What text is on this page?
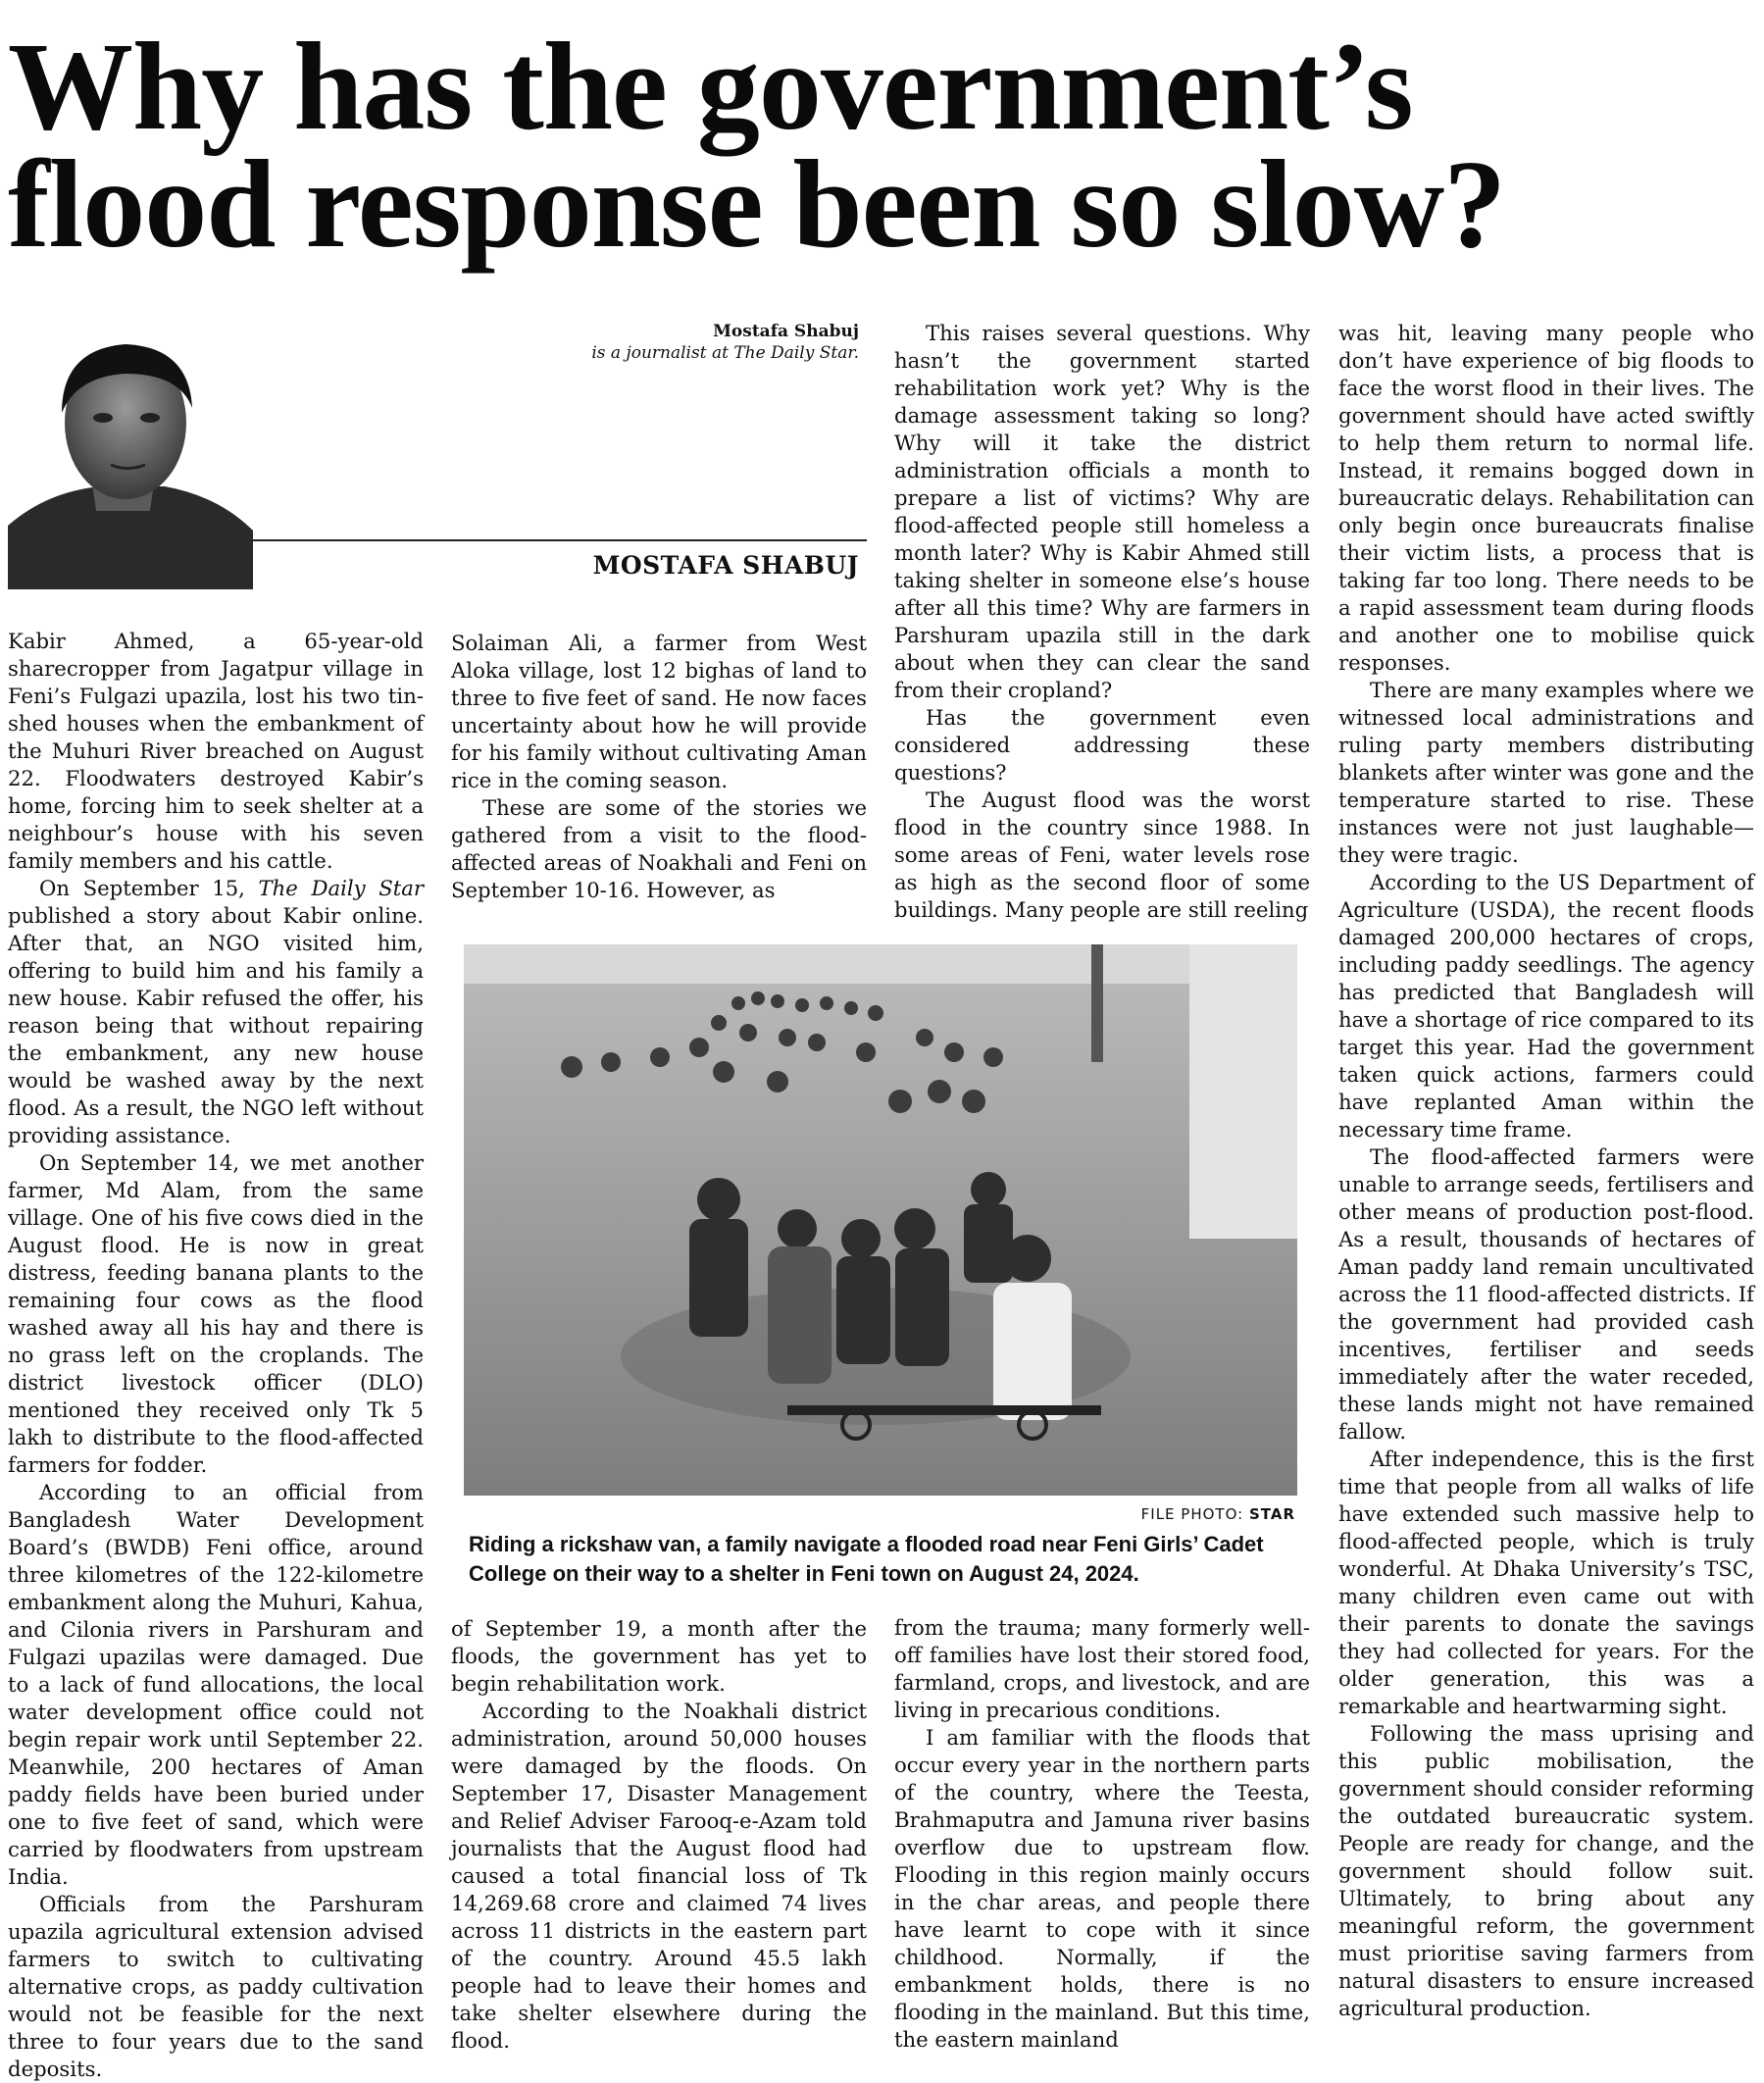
Why has the government’s
flood response been so slow?
Mostafa Shabuj
is a journalist at The Daily Star.
MOSTAFA SHABUJ

Kabir Ahmed, a 65-year-old sharecropper from Jagatpur village in Feni’s Fulgazi upazila, lost his two tin-shed houses when the embankment of the Muhuri River breached on August 22. Floodwaters destroyed Kabir’s home, forcing him to seek shelter at a neighbour’s house with his seven family members and his cattle.

On September 15, The Daily Star published a story about Kabir online. After that, an NGO visited him, offering to build him and his family a new house. Kabir refused the offer, his reason being that without repairing the embankment, any new house would be washed away by the next flood. As a result, the NGO left without providing assistance.

On September 14, we met another farmer, Md Alam, from the same village. One of his five cows died in the August flood. He is now in great distress, feeding banana plants to the remaining four cows as the flood washed away all his hay and there is no grass left on the croplands. The district livestock officer (DLO) mentioned they received only Tk 5 lakh to distribute to the flood-affected farmers for fodder.

According to an official from Bangladesh Water Development Board’s (BWDB) Feni office, around three kilometres of the 122-kilometre embankment along the Muhuri, Kahua, and Cilonia rivers in Parshuram and Fulgazi upazilas were damaged. Due to a lack of fund allocations, the local water development office could not begin repair work until September 22. Meanwhile, 200 hectares of Aman paddy fields have been buried under one to five feet of sand, which were carried by floodwaters from upstream India.

Officials from the Parshuram upazila agricultural extension advised farmers to switch to cultivating alternative crops, as paddy cultivation would not be feasible for the next three to four years due to the sand deposits.

Solaiman Ali, a farmer from West Aloka village, lost 12 bighas of land to three to five feet of sand. He now faces uncertainty about how he will provide for his family without cultivating Aman rice in the coming season.

These are some of the stories we gathered from a visit to the flood-affected areas of Noakhali and Feni on September 10-16. However, as

FILE PHOTO: STAR
Riding a rickshaw van, a family navigate a flooded road near Feni Girls’ Cadet College on their way to a shelter in Feni town on August 24, 2024.

of September 19, a month after the floods, the government has yet to begin rehabilitation work.

According to the Noakhali district administration, around 50,000 houses were damaged by the floods. On September 17, Disaster Management and Relief Adviser Farooq-e-Azam told journalists that the August flood had caused a total financial loss of Tk 14,269.68 crore and claimed 74 lives across 11 districts in the eastern part of the country. Around 45.5 lakh people had to leave their homes and take shelter elsewhere during the flood.

This raises several questions. Why hasn’t the government started rehabilitation work yet? Why is the damage assessment taking so long? Why will it take the district administration officials a month to prepare a list of victims? Why are flood-affected people still homeless a month later? Why is Kabir Ahmed still taking shelter in someone else’s house after all this time? Why are farmers in Parshuram upazila still in the dark about when they can clear the sand from their cropland?

Has the government even considered addressing these questions?

The August flood was the worst flood in the country since 1988. In some areas of Feni, water levels rose as high as the second floor of some buildings. Many people are still reeling

from the trauma; many formerly well-off families have lost their stored food, farmland, crops, and livestock, and are living in precarious conditions.

I am familiar with the floods that occur every year in the northern parts of the country, where the Teesta, Brahmaputra and Jamuna river basins overflow due to upstream flow. Flooding in this region mainly occurs in the char areas, and people there have learnt to cope with it since childhood. Normally, if the embankment holds, there is no flooding in the mainland. But this time, the eastern mainland

was hit, leaving many people who don’t have experience of big floods to face the worst flood in their lives. The government should have acted swiftly to help them return to normal life. Instead, it remains bogged down in bureaucratic delays. Rehabilitation can only begin once bureaucrats finalise their victim lists, a process that is taking far too long. There needs to be a rapid assessment team during floods and another one to mobilise quick responses.

There are many examples where we witnessed local administrations and ruling party members distributing blankets after winter was gone and the temperature started to rise. These instances were not just laughable—they were tragic.

According to the US Department of Agriculture (USDA), the recent floods damaged 200,000 hectares of crops, including paddy seedlings. The agency has predicted that Bangladesh will have a shortage of rice compared to its target this year. Had the government taken quick actions, farmers could have replanted Aman within the necessary time frame.

The flood-affected farmers were unable to arrange seeds, fertilisers and other means of production post-flood. As a result, thousands of hectares of Aman paddy land remain uncultivated across the 11 flood-affected districts. If the government had provided cash incentives, fertiliser and seeds immediately after the water receded, these lands might not have remained fallow.

After independence, this is the first time that people from all walks of life have extended such massive help to flood-affected people, which is truly wonderful. At Dhaka University’s TSC, many children even came out with their parents to donate the savings they had collected for years. For the older generation, this was a remarkable and heartwarming sight.

Following the mass uprising and this public mobilisation, the government should consider reforming the outdated bureaucratic system. People are ready for change, and the government should follow suit. Ultimately, to bring about any meaningful reform, the government must prioritise saving farmers from natural disasters to ensure increased agricultural production.
